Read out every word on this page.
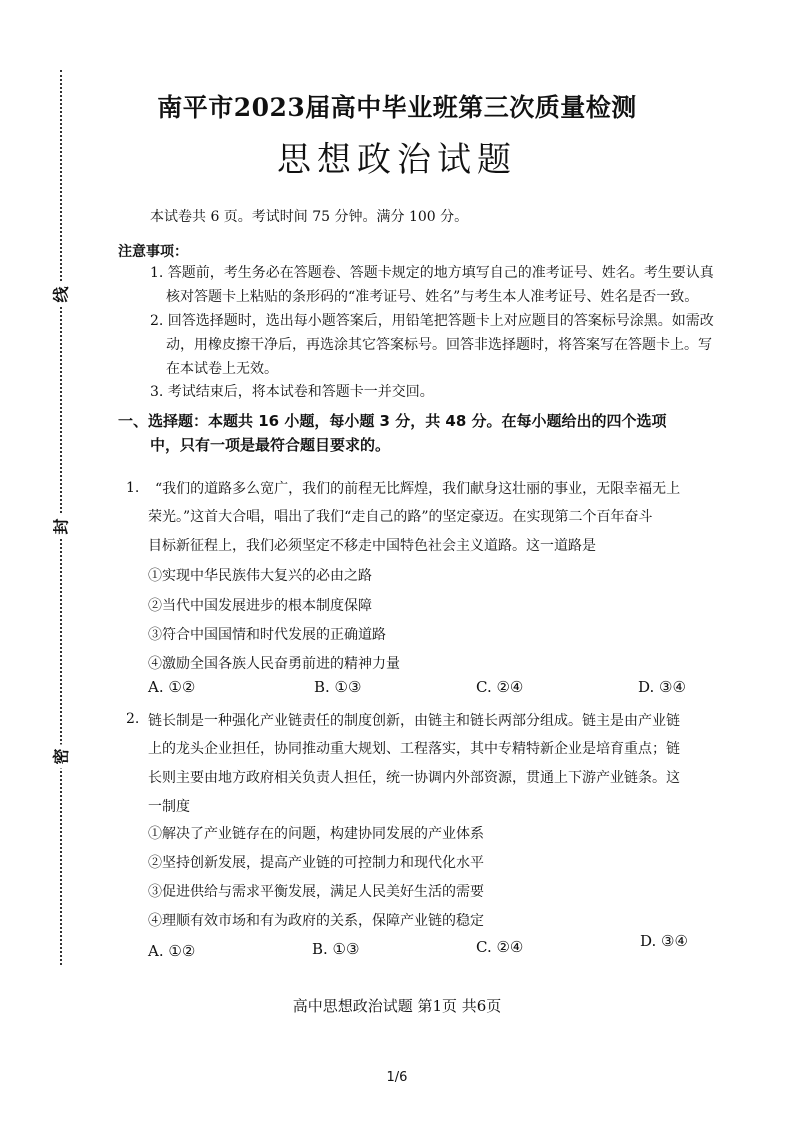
线
封
密
南平市2023届高中毕业班第三次质量检测
思想政治试题
本试卷共 6 页。考试时间 75 分钟。满分 100 分。
注意事项：
1. 答题前，考生务必在答题卷、答题卡规定的地方填写自己的准考证号、姓名。考生要认真
核对答题卡上粘贴的条形码的“准考证号、姓名”与考生本人准考证号、姓名是否一致。
2. 回答选择题时，选出每小题答案后，用铅笔把答题卡上对应题目的答案标号涂黑。如需改
动，用橡皮擦干净后，再选涂其它答案标号。回答非选择题时，将答案写在答题卡上。写
在本试卷上无效。
3. 考试结束后，将本试卷和答题卡一并交回。
一、选择题：本题共 16 小题，每小题 3 分，共 48 分。在每小题给出的四个选项
中，只有一项是最符合题目要求的。
1. “我们的道路多么宽广，我们的前程无比辉煌，我们献身这壮丽的事业，无限幸福无上
荣光。”这首大合唱，唱出了我们“走自己的路”的坚定豪迈。在实现第二个百年奋斗
目标新征程上，我们必须坚定不移走中国特色社会主义道路。这一道路是
①实现中华民族伟大复兴的必由之路
②当代中国发展进步的根本制度保障
③符合中国国情和时代发展的正确道路
④激励全国各族人民奋勇前进的精神力量
A. ①②	B. ①③	C. ②④	D. ③④
2. 链长制是一种强化产业链责任的制度创新，由链主和链长两部分组成。链主是由产业链
上的龙头企业担任，协同推动重大规划、工程落实，其中专精特新企业是培育重点；链
长则主要由地方政府相关负责人担任，统一协调内外部资源，贯通上下游产业链条。这
一制度
①解决了产业链存在的问题，构建协同发展的产业体系
②坚持创新发展，提高产业链的可控制力和现代化水平
③促进供给与需求平衡发展，满足人民美好生活的需要
④理顺有效市场和有为政府的关系，保障产业链的稳定
A. ①②	B. ①③	C. ②④	D. ③④
高中思想政治试题 第1页 共6页
1/6
